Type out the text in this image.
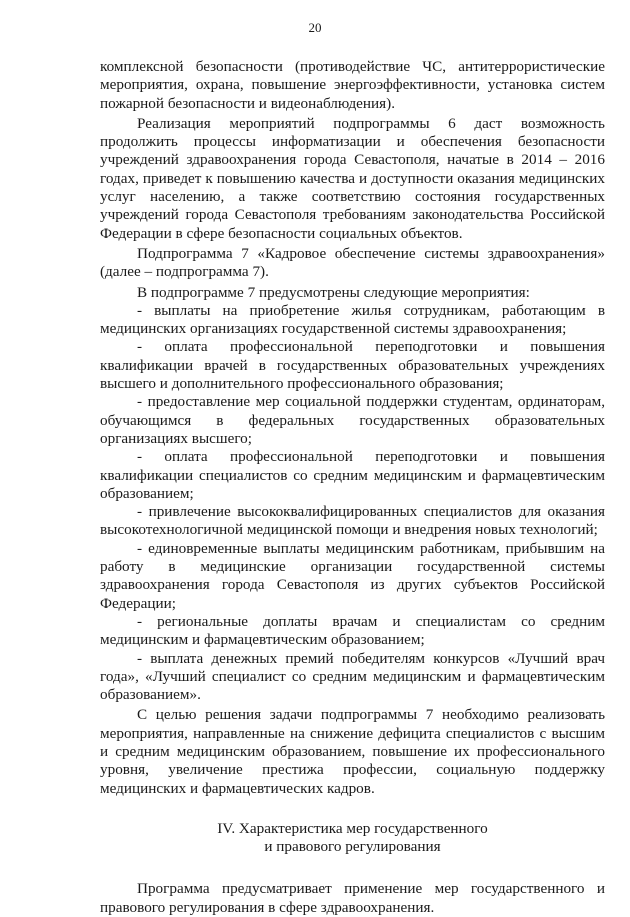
20

комплексной безопасности (противодействие ЧС, антитеррористические мероприятия, охрана, повышение энергоэффективности, установка систем пожарной безопасности и видеонаблюдения).

Реализация мероприятий подпрограммы 6 даст возможность продолжить процессы информатизации и обеспечения безопасности учреждений здравоохранения города Севастополя, начатые в 2014 – 2016 годах, приведет к повышению качества и доступности оказания медицинских услуг населению, а также соответствию состояния государственных учреждений города Севастополя требованиям законодательства Российской Федерации в сфере безопасности социальных объектов.

Подпрограмма 7 «Кадровое обеспечение системы здравоохранения» (далее – подпрограмма 7).

В подпрограмме 7 предусмотрены следующие мероприятия:

- выплаты на приобретение жилья сотрудникам, работающим в медицинских организациях государственной системы здравоохранения;

- оплата профессиональной переподготовки и повышения квалификации врачей в государственных образовательных учреждениях высшего и дополнительного профессионального образования;

- предоставление мер социальной поддержки студентам, ординаторам, обучающимся в федеральных государственных образовательных организациях высшего;

- оплата профессиональной переподготовки и повышения квалификации специалистов со средним медицинским и фармацевтическим образованием;

- привлечение высококвалифицированных специалистов для оказания высокотехнологичной медицинской помощи и внедрения новых технологий;

- единовременные выплаты медицинским работникам, прибывшим на работу в медицинские организации государственной системы здравоохранения города Севастополя из других субъектов Российской Федерации;

- региональные доплаты врачам и специалистам со средним медицинским и фармацевтическим образованием;

- выплата денежных премий победителям конкурсов «Лучший врач года», «Лучший специалист со средним медицинским и фармацевтическим образованием».

С целью решения задачи подпрограммы 7 необходимо реализовать мероприятия, направленные на снижение дефицита специалистов с высшим и средним медицинским образованием, повышение их профессионального уровня, увеличение престижа профессии, социальную поддержку медицинских и фармацевтических кадров.

IV. Характеристика мер государственного
и правового регулирования

Программа предусматривает применение мер государственного и правового регулирования в сфере здравоохранения.
